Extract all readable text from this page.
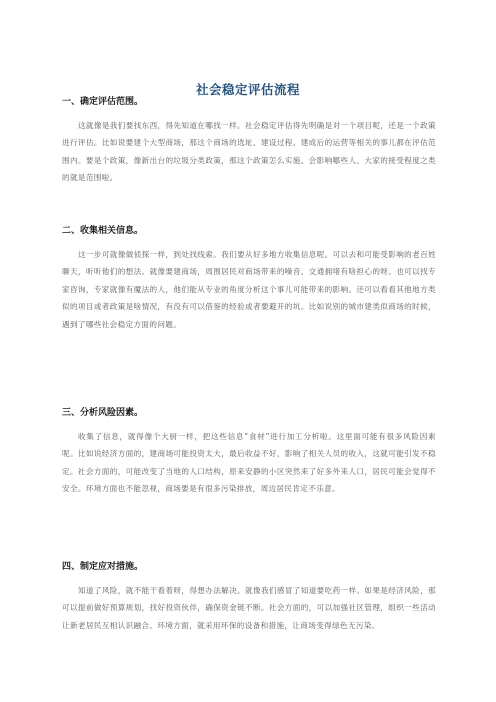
社会稳定评估流程

一、确定评估范围。

这就像是我们要找东西，得先知道在哪找一样。社会稳定评估得先明确是对一个项目呢，还是一个政策进行评估。比如说要建个大型商场，那这个商场的选址、建设过程、建成后的运营等相关的事儿都在评估范围内。要是个政策，像新出台的垃圾分类政策，那这个政策怎么实施、会影响哪些人、大家的接受程度之类的就是范围啦。

二、收集相关信息。

这一步可就像做侦探一样，到处找线索。我们要从好多地方收集信息呢。可以去和可能受影响的老百姓聊天，听听他们的想法。就像要建商场，周围居民对商场带来的噪音、交通拥堵有啥担心的呀。也可以找专家咨询，专家就像有魔法的人，他们能从专业的角度分析这个事儿可能带来的影响。还可以看看其他地方类似的项目或者政策是啥情况，有没有可以借鉴的经验或者要避开的坑。比如说别的城市建类似商场的时候，遇到了哪些社会稳定方面的问题。

三、分析风险因素。

收集了信息，就得像个大厨一样，把这些信息“食材”进行加工分析啦。这里面可能有很多风险因素呢。比如说经济方面的，建商场可能投资太大，最后收益不好，影响了相关人员的收入，这就可能引发不稳定。社会方面的，可能改变了当地的人口结构，原来安静的小区突然来了好多外来人口，居民可能会觉得不安全。环境方面也不能忽视，商场要是有很多污染排放，周边居民肯定不乐意。

四、制定应对措施。

知道了风险，就不能干看着呀，得想办法解决。就像我们感冒了知道要吃药一样。如果是经济风险，那可以提前做好预算规划，找好投资伙伴，确保资金链不断。社会方面的，可以加强社区管理，组织一些活动让新老居民互相认识融合。环境方面，就采用环保的设备和措施，让商场变得绿色无污染。
